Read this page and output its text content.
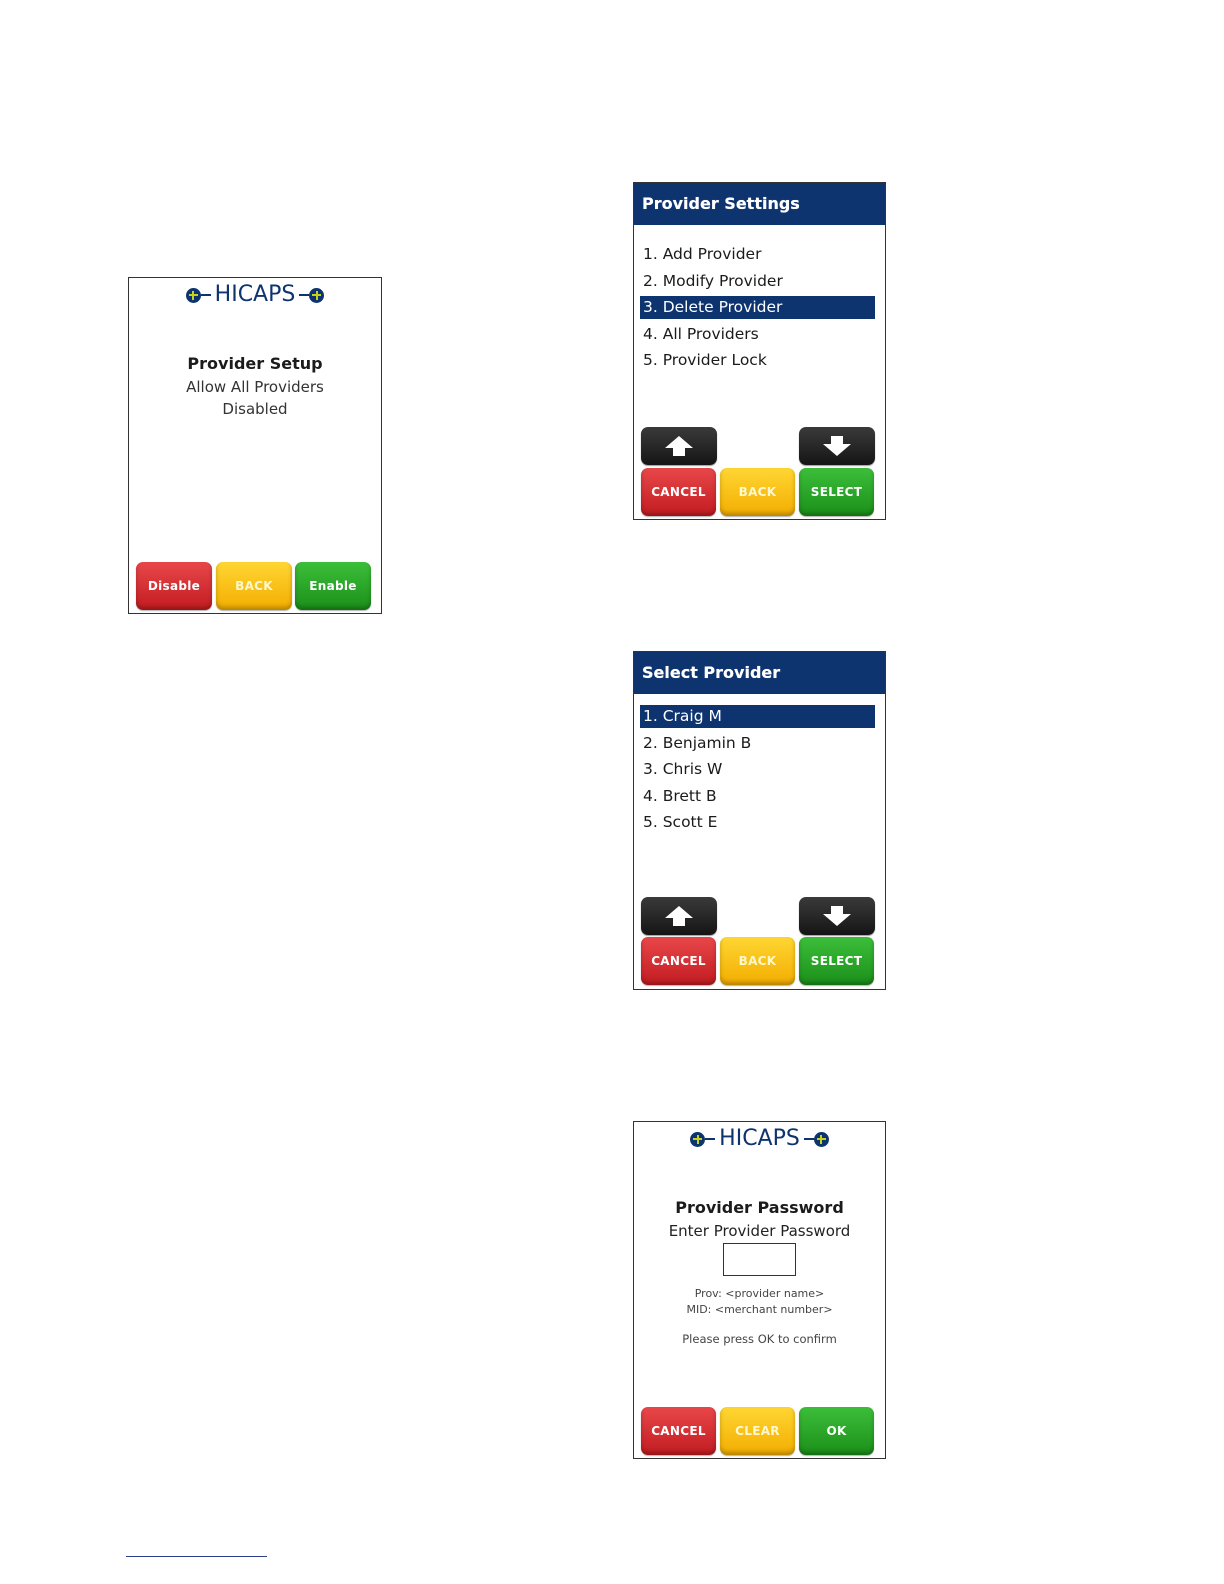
HICAPS
Provider Setup
Allow All Providers
Disabled
Disable	BACK	Enable
Provider Settings
1. Add Provider
2. Modify Provider
3. Delete Provider
4. All Providers
5. Provider Lock
CANCEL	BACK	SELECT
Select Provider
1. Craig M
2. Benjamin B
3. Chris W
4. Brett B
5. Scott E
CANCEL	BACK	SELECT
HICAPS
Provider Password
Enter Provider Password
Prov: <provider name>
MID: <merchant number>
Please press OK to confirm
CANCEL	CLEAR	OK
